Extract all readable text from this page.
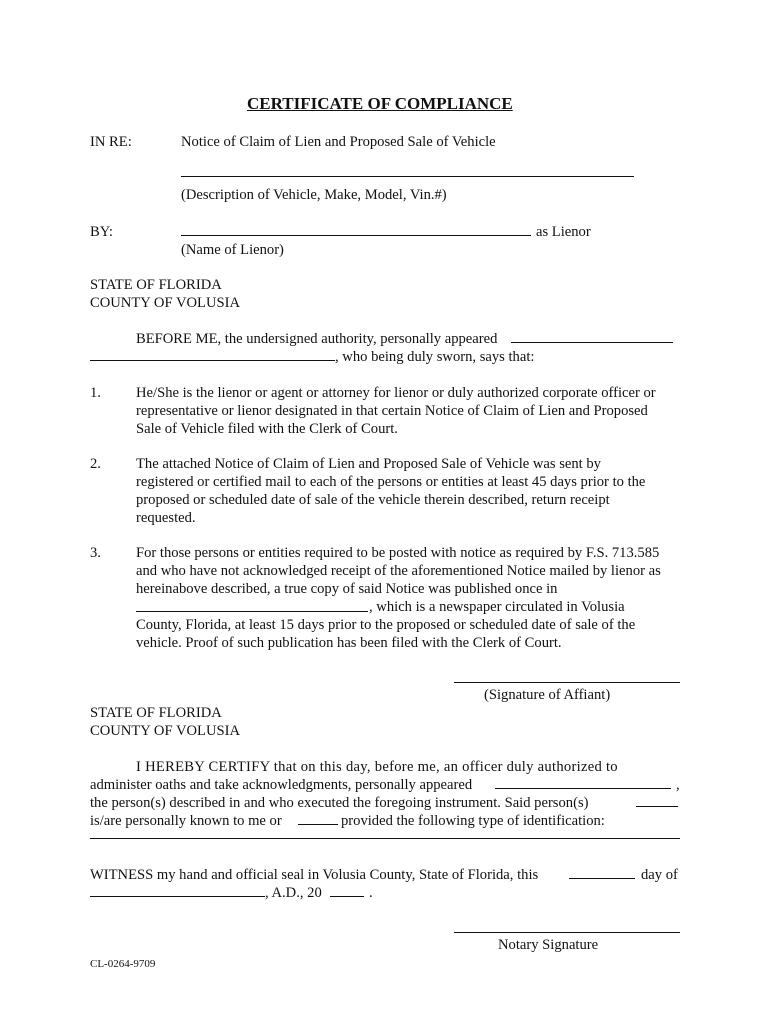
CERTIFICATE OF COMPLIANCE
IN RE:	Notice of Claim of Lien and Proposed Sale of Vehicle
(Description of Vehicle, Make, Model, Vin.#)
BY:	as Lienor
(Name of Lienor)
STATE OF FLORIDA
COUNTY OF VOLUSIA
BEFORE ME, the undersigned authority, personally appeared
, who being duly sworn, says that:
1. He/She is the lienor or agent or attorney for lienor or duly authorized corporate officer or
representative or lienor designated in that certain Notice of Claim of Lien and Proposed
Sale of Vehicle filed with the Clerk of Court.
2. The attached Notice of Claim of Lien and Proposed Sale of Vehicle was sent by
registered or certified mail to each of the persons or entities at least 45 days prior to the
proposed or scheduled date of sale of the vehicle therein described, return receipt
requested.
3. For those persons or entities required to be posted with notice as required by F.S. 713.585
and who have not acknowledged receipt of the aforementioned Notice mailed by lienor as
hereinabove described, a true copy of said Notice was published once in
, which is a newspaper circulated in Volusia
County, Florida, at least 15 days prior to the proposed or scheduled date of sale of the
vehicle. Proof of such publication has been filed with the Clerk of Court.
(Signature of Affiant)
STATE OF FLORIDA
COUNTY OF VOLUSIA
I HEREBY CERTIFY that on this day, before me, an officer duly authorized to
administer oaths and take acknowledgments, personally appeared	,
the person(s) described in and who executed the foregoing instrument. Said person(s)
is/are personally known to me or	provided the following type of identification:
WITNESS my hand and official seal in Volusia County, State of Florida, this	day of
, A.D., 20	.
Notary Signature
CL-0264-9709
